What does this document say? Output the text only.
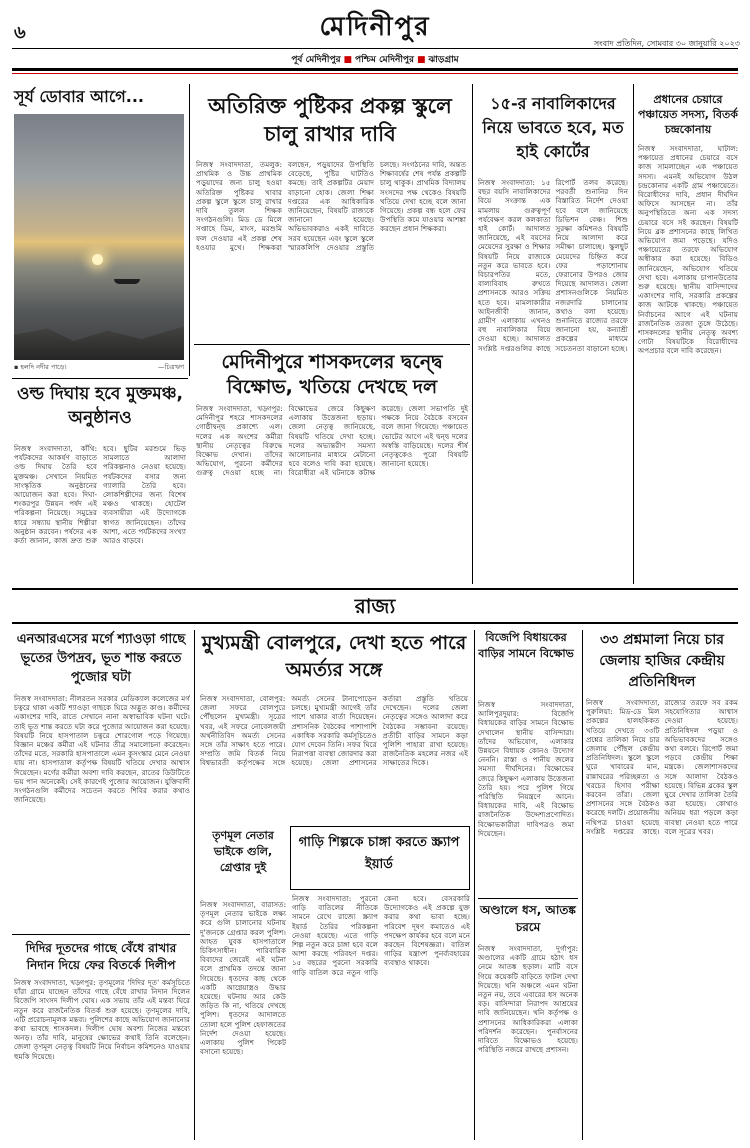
৬	মেদিনীপুর
সংবাদ প্রতিদিন, সোমবার ৩০ জানুয়ারি ২০২৩
পূর্ব মেদিনীপুর ■ পশ্চিম মেদিনীপুর ■ ঝাড়গ্রাম
সূর্য ডোবার আগে...
▪ হলদি নদীর পাড়ে।	—চিত্রঋণ
অতিরিক্ত পুষ্টিকর প্রকল্প স্কুলে চালু রাখার দাবি
নিজস্ব সংবাদদাতা, তমলুক: প্রাথমিক ও উচ্চ প্রাথমিক পড়ুয়াদের জন্য চালু হওয়া অতিরিক্ত পুষ্টিকর খাবার প্রকল্প স্কুলে স্কুলে চালু রাখার দাবি তুলল শিক্ষক সংগঠনগুলি। মিড ডে মিলে সপ্তাহে ডিম, মাংস, মরশুমি ফল দেওয়ার এই প্রকল্প শেষ হওয়ার মুখে। শিক্ষকরা বলছেন, পড়ুয়াদের উপস্থিতি বেড়েছে, পুষ্টির ঘাটতিও কমছে। তাই প্রকল্পটির মেয়াদ বাড়ানো হোক। জেলা শিক্ষা দপ্তরের এক আধিকারিক জানিয়েছেন, বিষয়টি রাজ্যকে জানানো হয়েছে। অভিভাবকরাও একই দাবিতে সরব হয়েছেন এবং স্কুলে স্কুলে স্মারকলিপি দেওয়ার প্রস্তুতি চলছে। সংগঠনের দাবি, অন্তত শিক্ষাবর্ষের শেষ পর্যন্ত প্রকল্পটি চালু থাকুক। প্রাথমিক বিদ্যালয় সংসদের পক্ষ থেকেও বিষয়টি খতিয়ে দেখা হচ্ছে বলে জানা গিয়েছে। প্রকল্প বন্ধ হলে ফের উপস্থিতি কমে যাওয়ার আশঙ্কা করছেন প্রধান শিক্ষকরা।
মেদিনীপুরে শাসকদলের দ্বন্দ্বে বিক্ষোভ, খতিয়ে দেখছে দল
নিজস্ব সংবাদদাতা, খড়্গপুর: মেদিনীপুর শহরে শাসকদলের গোষ্ঠীদ্বন্দ্ব প্রকাশ্যে এল। দলের এক অংশের কর্মীরা স্থানীয় নেতৃত্বের বিরুদ্ধে বিক্ষোভ দেখান। তাঁদের অভিযোগ, পুরনো কর্মীদের গুরুত্ব দেওয়া হচ্ছে না। বিক্ষোভের জেরে কিছুক্ষণ এলাকায় উত্তেজনা ছড়ায়। জেলা নেতৃত্ব জানিয়েছে, বিষয়টি খতিয়ে দেখা হচ্ছে। দলের অভ্যন্তরীণ সমস্যা আলোচনার মাধ্যমে মেটানো হবে বলেও দাবি করা হয়েছে। বিরোধীরা এই ঘটনাকে কটাক্ষ করেছে। জেলা সভাপতি দুই পক্ষকে নিয়ে বৈঠকে বসবেন বলে জানা গিয়েছে। পঞ্চায়েত ভোটের আগে এই দ্বন্দ্ব দলের অস্বস্তি বাড়িয়েছে। দলের শীর্ষ নেতৃত্বকেও পুরো বিষয়টি জানানো হয়েছে।
১৫-র নাবালিকাদের নিয়ে ভাবতে হবে, মত হাই কোর্টের
নিজস্ব সংবাদদাতা: ১৫ বছর বয়সি নাবালিকাদের বিয়ে সংক্রান্ত এক মামলায় গুরুত্বপূর্ণ পর্যবেক্ষণ করল কলকাতা হাই কোর্ট। আদালত জানিয়েছে, এই বয়সের মেয়েদের সুরক্ষা ও শিক্ষার বিষয়টি নিয়ে রাজ্যকে নতুন করে ভাবতে হবে। বিচারপতির মতে, বাল্যবিবাহ রুখতে প্রশাসনকে আরও সক্রিয় হতে হবে। মামলাকারীর আইনজীবী জানান, গ্রামীণ এলাকায় এখনও বহু নাবালিকার বিয়ে দেওয়া হচ্ছে। আদালত সংশ্লিষ্ট দপ্তরগুলির কাছে রিপোর্ট তলব করেছে। পরবর্তী শুনানির দিন বিস্তারিত নির্দেশ দেওয়া হবে বলে জানিয়েছে ডিভিশন বেঞ্চ। শিশু সুরক্ষা কমিশনও বিষয়টি নিয়ে আলাদা করে সমীক্ষা চালাচ্ছে। স্কুলছুট মেয়েদের চিহ্নিত করে ফের পড়াশোনায় ফেরানোর উপরও জোর দিয়েছে আদালত। জেলা প্রশাসনগুলিকে নিয়মিত নজরদারি চালানোর কথাও বলা হয়েছে। শুনানিতে রাজ্যের তরফে জানানো হয়, কন্যাশ্রী প্রকল্পের মাধ্যমে সচেতনতা বাড়ানো হচ্ছে।
প্রধানের চেয়ারে পঞ্চায়েত সদস্য, বিতর্ক চন্দ্রকোনায়
নিজস্ব সংবাদদাতা, ঘাটাল: পঞ্চায়েত প্রধানের চেয়ারে বসে কাজ সামলাচ্ছেন এক পঞ্চায়েত সদস্য। এমনই অভিযোগ উঠল চন্দ্রকোনার একটি গ্রাম পঞ্চায়েতে। বিরোধীদের দাবি, প্রধান দীর্ঘদিন অফিসে আসছেন না। তাঁর অনুপস্থিতিতে অন্য এক সদস্য চেয়ারে বসে সই করছেন। বিষয়টি নিয়ে ব্লক প্রশাসনের কাছে লিখিত অভিযোগ জমা পড়েছে। যদিও পঞ্চায়েতের তরফে অভিযোগ অস্বীকার করা হয়েছে। বিডিও জানিয়েছেন, অভিযোগ খতিয়ে দেখা হবে। এলাকায় চাপানউতোর শুরু হয়েছে। স্থানীয় বাসিন্দাদের একাংশের দাবি, সরকারি প্রকল্পের কাজ আটকে থাকছে। পঞ্চায়েত নির্বাচনের আগে এই ঘটনায় রাজনৈতিক তরজা তুঙ্গে উঠেছে। শাসকদলের স্থানীয় নেতৃত্ব অবশ্য গোটা বিষয়টিকে বিরোধীদের অপপ্রচার বলে দাবি করেছেন।
ওল্ড দিঘায় হবে মুক্তমঞ্চ, অনুষ্ঠানও
নিজস্ব সংবাদদাতা, কাঁথি: পর্যটকদের আকর্ষণ বাড়াতে ওল্ড দিঘায় তৈরি হবে মুক্তমঞ্চ। সেখানে নিয়মিত সাংস্কৃতিক অনুষ্ঠানের আয়োজন করা হবে। দিঘা-শংকরপুর উন্নয়ন পর্ষদ এই পরিকল্পনা নিয়েছে। সমুদ্রের ধারে সন্ধ্যায় স্থানীয় শিল্পীরা অনুষ্ঠান করবেন। পর্ষদের এক কর্তা জানান, কাজ দ্রুত শুরু হবে। ছুটির মরশুমে ভিড় সামলাতে আলাদা পরিকল্পনাও নেওয়া হয়েছে। পর্যটকদের বসার জন্য গ্যালারি তৈরি হবে। লোকশিল্পীদের জন্য বিশেষ মঞ্চও থাকছে। হোটেল ব্যবসায়ীরা এই উদ্যোগকে স্বাগত জানিয়েছেন। তাঁদের আশা, এতে পর্যটকদের সংখ্যা আরও বাড়বে।
রাজ্য
এনআরএসের মর্গে শ্যাওড়া গাছে ভূতের উপদ্রব, ভূত শান্ত করতে পুজোর ঘটা
নিজস্ব সংবাদদাতা: নীলরতন সরকার মেডিক্যাল কলেজের মর্গ চত্বরে থাকা একটি শ্যাওড়া গাছকে ঘিরে অদ্ভুত কাণ্ড। কর্মীদের একাংশের দাবি, রাতে সেখানে নানা অস্বাভাবিক ঘটনা ঘটে। তাই ভূত শান্ত করতে ঘটা করে পুজোর আয়োজন করা হয়েছে। বিষয়টি নিয়ে হাসপাতাল চত্বরে শোরগোল পড়ে গিয়েছে। বিজ্ঞান মঞ্চের কর্মীরা এই ঘটনার তীব্র সমালোচনা করেছেন। তাঁদের মতে, সরকারি হাসপাতালে এমন কুসংস্কার মেনে নেওয়া যায় না। হাসপাতাল কর্তৃপক্ষ বিষয়টি খতিয়ে দেখার আশ্বাস দিয়েছেন। মর্গের কর্মীরা অবশ্য দাবি করছেন, রাতের ডিউটিতে ভয় পান অনেকেই। সেই কারণেই পুজোর আয়োজন। যুক্তিবাদী সংগঠনগুলি কর্মীদের সচেতন করতে শিবির করার কথাও জানিয়েছে।
দিদির দূতদের গাছে বেঁধে রাখার নিদান দিয়ে ফের বিতর্কে দিলীপ
নিজস্ব সংবাদদাতা, খড়্গপুর: তৃণমূলের 'দিদির দূত' কর্মসূচিতে যাঁরা গ্রামে যাচ্ছেন তাঁদের গাছে বেঁধে রাখার নিদান দিলেন বিজেপি সাংসদ দিলীপ ঘোষ। এক সভায় তাঁর এই মন্তব্য ঘিরে নতুন করে রাজনৈতিক বিতর্ক শুরু হয়েছে। তৃণমূলের দাবি, এটি প্ররোচনামূলক মন্তব্য। পুলিশের কাছে অভিযোগ জানানোর কথা ভাবছে শাসকদল। দিলীপ ঘোষ অবশ্য নিজের মন্তব্যে অনড়। তাঁর দাবি, মানুষের ক্ষোভের কথাই তিনি বলেছেন। জেলা তৃণমূল নেতৃত্ব বিষয়টি নিয়ে নির্বাচন কমিশনেও যাওয়ার হুমকি দিয়েছে।
মুখ্যমন্ত্রী বোলপুরে, দেখা হতে পারে অমর্ত্যর সঙ্গে
নিজস্ব সংবাদদাতা, বোলপুর: জেলা সফরে বোলপুরে পৌঁছলেন মুখ্যমন্ত্রী। সূত্রের খবর, এই সফরে নোবেলজয়ী অর্থনীতিবিদ অমর্ত্য সেনের সঙ্গে তাঁর সাক্ষাৎ হতে পারে। সম্প্রতি জমি বিতর্ক নিয়ে বিশ্বভারতী কর্তৃপক্ষের সঙ্গে অমর্ত্য সেনের টানাপোড়েন চলছে। মুখ্যমন্ত্রী আগেই তাঁর পাশে থাকার বার্তা দিয়েছেন। প্রশাসনিক বৈঠকের পাশাপাশি একাধিক সরকারি কর্মসূচিতেও যোগ দেবেন তিনি। সফর ঘিরে নিরাপত্তা ব্যবস্থা জোরদার করা হয়েছে। জেলা প্রশাসনের কর্তারা প্রস্তুতি খতিয়ে দেখেছেন। দলের জেলা নেতৃত্বের সঙ্গেও আলাদা করে বৈঠকের সম্ভাবনা রয়েছে। প্রতীচী বাড়ির সামনে কড়া পুলিশি পাহারা রাখা হয়েছে। রাজনৈতিক মহলের নজর এই সাক্ষাতের দিকে।
তৃণমূল নেতার ভাইকে গুলি, গ্রেপ্তার দুই
নিজস্ব সংবাদদাতা, বারাসত: তৃণমূল নেতার ভাইকে লক্ষ্য করে গুলি চালানোর ঘটনায় দু'জনকে গ্রেপ্তার করল পুলিশ। আহত যুবক হাসপাতালে চিকিৎসাধীন। পারিবারিক বিবাদের জেরেই এই ঘটনা বলে প্রাথমিক তদন্তে জানা গিয়েছে। ধৃতদের কাছ থেকে একটি আগ্নেয়াস্ত্রও উদ্ধার হয়েছে। ঘটনায় আর কেউ জড়িত কি না, খতিয়ে দেখছে পুলিশ। ধৃতদের আদালতে তোলা হলে পুলিশ হেফাজতের নির্দেশ দেওয়া হয়েছে। এলাকায় পুলিশ পিকেট বসানো হয়েছে।
গাড়ি শিল্পকে চাঙ্গা করতে স্ক্র্যাপ ইয়ার্ড
নিজস্ব সংবাদদাতা: পুরনো গাড়ি বাতিলের নীতিকে সামনে রেখে রাজ্যে স্ক্র্যাপ ইয়ার্ড তৈরির পরিকল্পনা নেওয়া হয়েছে। এতে গাড়ি শিল্প নতুন করে চাঙ্গা হবে বলে আশা করছে পরিবহণ দপ্তর। ১৫ বছরের পুরনো সরকারি গাড়ি বাতিল করে নতুন গাড়ি কেনা হবে। বেসরকারি উদ্যোগকেও এই প্রকল্পে যুক্ত করার কথা ভাবা হচ্ছে। পরিবেশ দূষণ কমাতেও এই পদক্ষেপ কার্যকর হবে বলে মনে করছেন বিশেষজ্ঞরা। বাতিল গাড়ির যন্ত্রাংশ পুনর্ব্যবহারের ব্যবস্থাও থাকবে।
বিজেপি বিধায়কের বাড়ির সামনে বিক্ষোভ
নিজস্ব সংবাদদাতা, আলিপুরদুয়ার: বিজেপি বিধায়কের বাড়ির সামনে বিক্ষোভ দেখালেন স্থানীয় বাসিন্দারা। তাঁদের অভিযোগ, এলাকার উন্নয়নে বিধায়ক কোনও উদ্যোগ নেননি। রাস্তা ও পানীয় জলের সমস্যা দীর্ঘদিনের। বিক্ষোভের জেরে কিছুক্ষণ এলাকায় উত্তেজনা তৈরি হয়। পরে পুলিশ গিয়ে পরিস্থিতি নিয়ন্ত্রণে আনে। বিধায়কের দাবি, এই বিক্ষোভ রাজনৈতিক উদ্দেশ্যপ্রণোদিত। বিক্ষোভকারীরা দাবিপত্রও জমা দিয়েছেন।
অণ্ডালে ধস, আতঙ্ক চরমে
নিজস্ব সংবাদদাতা, দুর্গাপুর: অণ্ডালের একটি গ্রামে হঠাৎ ধস নেমে আতঙ্ক ছড়াল। মাটি বসে গিয়ে কয়েকটি বাড়িতে ফাটল দেখা দিয়েছে। খনি অঞ্চলে এমন ঘটনা নতুন নয়, তবে এবারের ধস অনেক বড়। বাসিন্দারা নিরাপদ আশ্রয়ের দাবি জানিয়েছেন। খনি কর্তৃপক্ষ ও প্রশাসনের আধিকারিকরা এলাকা পরিদর্শন করেছেন। পুনর্বাসনের দাবিতে বিক্ষোভও হয়েছে। পরিস্থিতি নজরে রাখছে প্রশাসন।
৩৩ প্রশ্নমালা নিয়ে চার জেলায় হাজির কেন্দ্রীয় প্রতিনিধিদল
নিজস্ব সংবাদদাতা, পুরুলিয়া: মিড-ডে মিল প্রকল্পের হালহকিকত খতিয়ে দেখতে ৩৩টি প্রশ্নের তালিকা নিয়ে চার জেলায় পৌঁছল কেন্দ্রীয় প্রতিনিধিদল। স্কুলে স্কুলে ঘুরে খাবারের মান, রান্নাঘরের পরিচ্ছন্নতা ও খরচের হিসাব পরীক্ষা করবেন তাঁরা। জেলা প্রশাসনের সঙ্গে বৈঠকও করেছে দলটি। প্রয়োজনীয় নথিপত্র চাওয়া হয়েছে সংশ্লিষ্ট দপ্তরের কাছে। রাজ্যের তরফে সব রকম সহযোগিতার আশ্বাস দেওয়া হয়েছে। প্রতিনিধিদল পড়ুয়া ও অভিভাবকদের সঙ্গেও কথা বলবে। রিপোর্ট জমা পড়বে কেন্দ্রীয় শিক্ষা মন্ত্রকে। জেলাশাসকদের সঙ্গে আলাদা বৈঠকও হয়েছে। বিভিন্ন ব্লকের স্কুল ঘুরে দেখার তালিকা তৈরি করা হয়েছে। কোথাও অনিয়ম ধরা পড়লে কড়া ব্যবস্থা নেওয়া হতে পারে বলে সূত্রের খবর।
